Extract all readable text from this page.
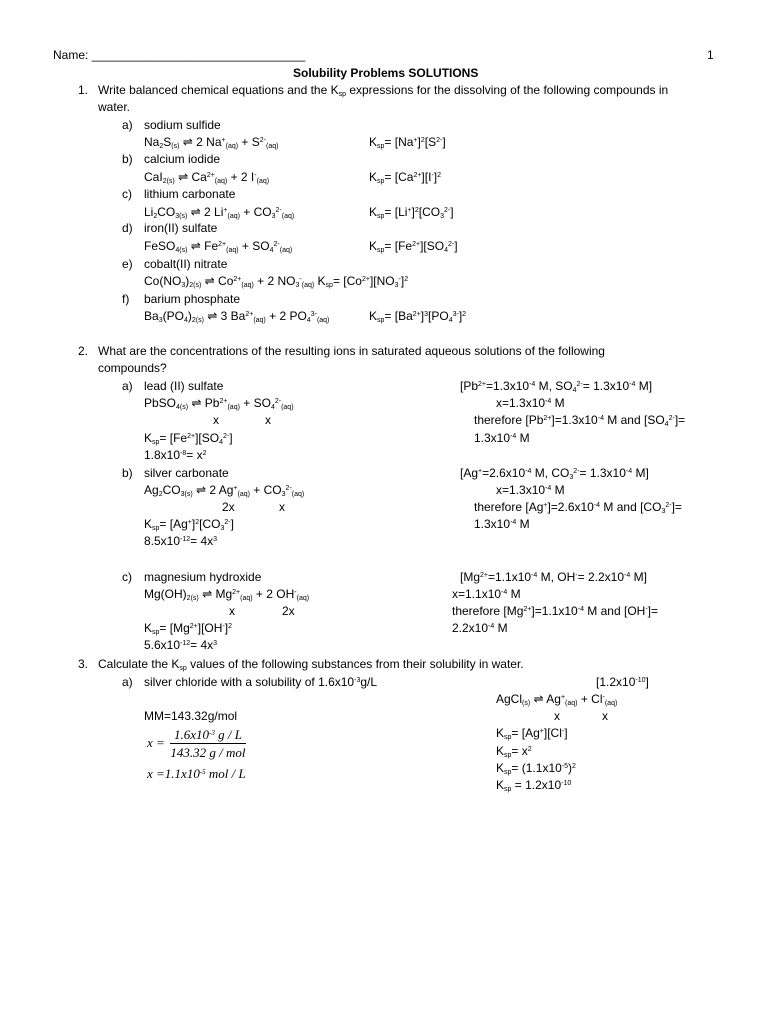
Name: ________________________________	1
Solubility Problems SOLUTIONS
1. Write balanced chemical equations and the $K_{sp}$ expressions for the dissolving of the following compounds in
water.
a) sodium sulfide
$Na_2S_{(s)}$ ⇌ 2 $Na^+_{(aq)} + S^{2-}_{(aq)}$	$K_{sp}= [Na^+]^2[S^{2-}]$
b) calcium iodide
CaI$_{2(s)}$ ⇌ $Ca^{2+}_{(aq)} + 2$ $I^-_{(aq)}$	$K_{sp}= [Ca^{2+}][I^-]^2$
c) lithium carbonate
$Li_2CO_{3(s)}$ ⇌ 2 $Li^+_{(aq)} + CO_3^{2-}_{(aq)}$	$K_{sp}= [Li^+]^2[CO_3^{2-}]$
d) iron(II) sulfate
FeSO$_{4(s)}$ ⇌ $Fe^{2+}_{(aq)} + SO_4^{2-}_{(aq)}$	$K_{sp}= [Fe^{2+}][SO_4^{2-}]$
e) cobalt(II) nitrate
$Co(NO_3)_{2(s)}$ ⇌ $Co^{2+}_{(aq)} + 2$ $NO_3^-_{(aq)}$ $K_{sp}= [Co^{2+}][NO_3^-]^2$
f) barium phosphate
$Ba_3(PO_4)_{2(s)}$ ⇌ 3 $Ba^{2+}_{(aq)} + 2$ $PO_4^{3-}_{(aq)}$	$K_{sp}= [Ba^{2+}]^3[PO_4^{3-}]^2$
2. What are the concentrations of the resulting ions in saturated aqueous solutions of the following
compounds?
a) lead (II) sulfate
PbSO$_{4(s)}$ ⇌ $Pb^{2+}_{(aq)} + SO_4^{2-}_{(aq)}$
x	x
$K_{sp}= [Fe^{2+}][SO_4^{2-}]$
$1.8x10^{-8}= x^2$
[$Pb^{2+}=1.3x10^{-4}$ M, $SO_4^{2-}= 1.3x10^{-4}$ M]
$x=1.3x10^{-4}$ M
therefore $[Pb^{2+}]=1.3x10^{-4}$ M and $[SO_4^{2-}]=$
$1.3x10^{-4}$ M
b) silver carbonate
$Ag_2CO_{3(s)}$ ⇌ 2 $Ag^+_{(aq)} + CO_3^{2-}_{(aq)}$
2x	x
$K_{sp}= [Ag^+]^2[CO_3^{2-}]$
$8.5x10^{-12}= 4x^3$
[$Ag^+=2.6x10^{-4}$ M, $CO_3^{2-}= 1.3x10^{-4}$ M]
$x=1.3x10^{-4}$ M
therefore $[Ag^+]=2.6x10^{-4}$ M and $[CO_3^{2-}]=$
$1.3x10^{-4}$ M
c) magnesium hydroxide
$Mg(OH)_{2(s)}$ ⇌ $Mg^{2+}_{(aq)} + 2$ $OH^-_{(aq)}$
x	2x
$K_{sp}= [Mg^{2+}][OH^-]^2$
$5.6x10^{-12}= 4x^3$
[$Mg^{2+}=1.1x10^{-4}$ M, $OH^-= 2.2x10^{-4}$ M]
$x=1.1x10^{-4}$ M
therefore $[Mg^{2+}]=1.1x10^{-4}$ M and [OH-]=
$2.2x10^{-4}$ M
3. Calculate the $K_{sp}$ values of the following substances from their solubility in water.
a) silver chloride with a solubility of $1.6x10^{-3}g/L$	$[1.2x10^{-10}]$
AgCl$_{(s)}$ ⇌ $Ag^+_{(aq)} + Cl^-_{(aq)}$
x	x
$K_{sp}= [Ag^+][Cl^-]$
$K_{sp}= x^2$
$K_{sp}= (1.1x10^{-5})^2$
$K_{sp} = 1.2x10^{-10}$
MM=143.32g/mol
x =
$1.6x10^{-3}$ g / L
143.32 g / mol
$x =1.1x10^{-5}$ mol / L
